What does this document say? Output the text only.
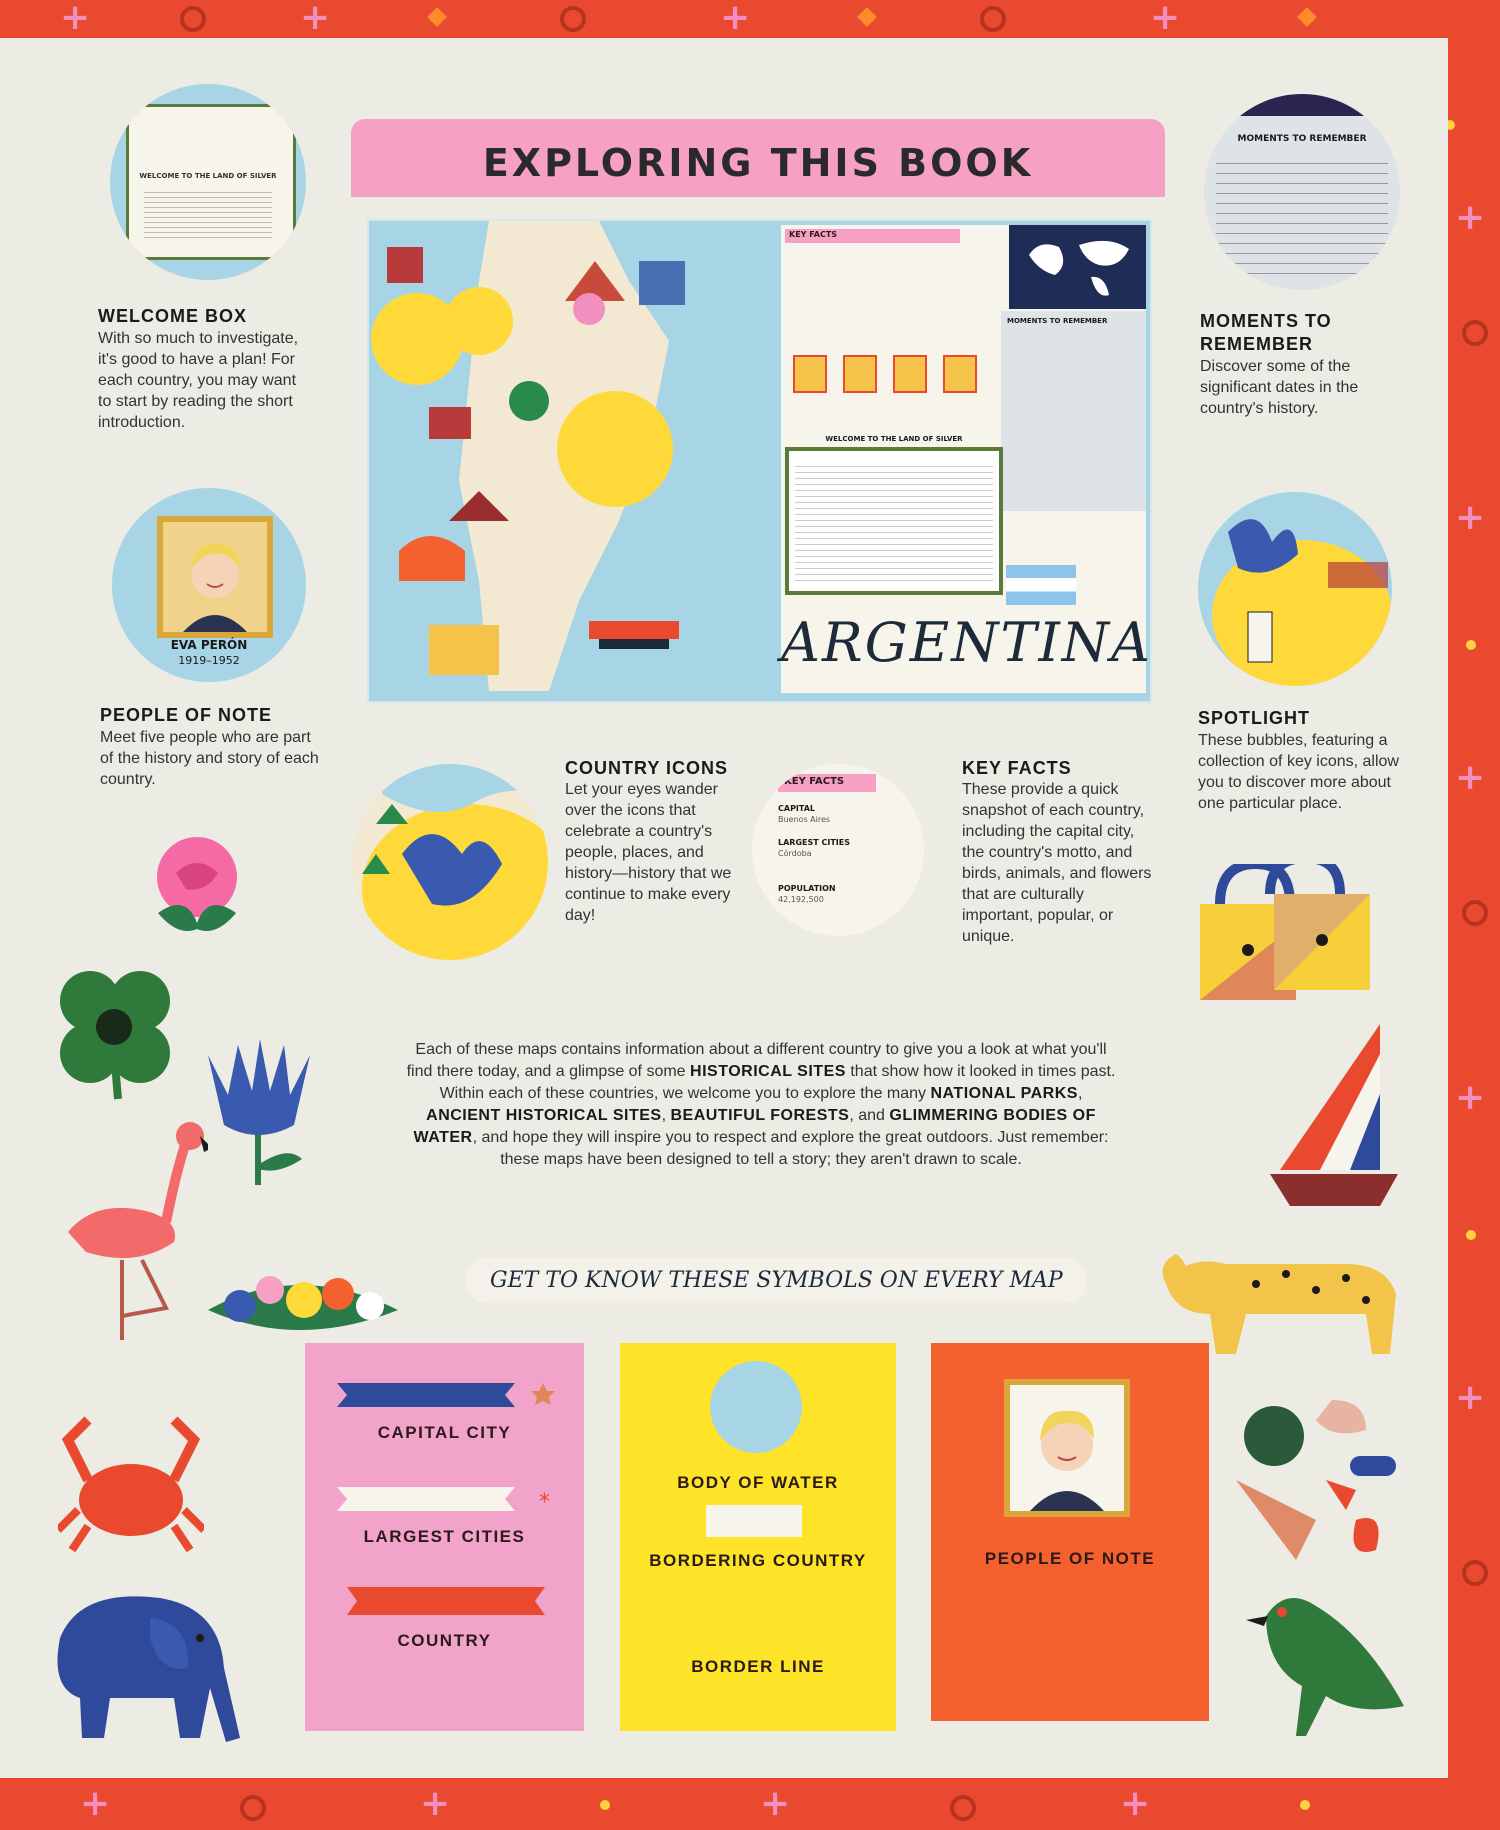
+	+	+	+
+
+
+
+
+
+	+	+	+
WELCOME TO THE LAND OF SILVER
WELCOME BOX
With so much to investigate, it's good to have a plan! For each country, you may want to start by reading the short introduction.
EVA PERÓN
1919–1952
PEOPLE OF NOTE
Meet five people who are part of the history and story of each country.
EXPLORING THIS BOOK
KEY FACTS
MOMENTS TO REMEMBER
WELCOME TO THE LAND OF SILVER
ARGENTINA
MOMENTS TO REMEMBER
MOMENTS TO
REMEMBER
Discover some of the significant dates in the country's history.
SPOTLIGHT
These bubbles, featuring a collection of key icons, allow you to discover more about one particular place.
COUNTRY ICONS
Let your eyes wander over the icons that celebrate a country's people, places, and history—history that we continue to make every day!
KEY FACTS
CAPITAL
Buenos Aires
LARGEST CITIES
Córdoba
POPULATION
42,192,500
KEY FACTS
These provide a quick snapshot of each country, including the capital city, the country's motto, and birds, animals, and flowers that are culturally important, popular, or unique.
Each of these maps contains information about a different country to give you a look at what you'll find there today, and a glimpse of some HISTORICAL SITES that show how it looked in times past. Within each of these countries, we welcome you to explore the many NATIONAL PARKS, ANCIENT HISTORICAL SITES, BEAUTIFUL FORESTS, and GLIMMERING BODIES OF WATER, and hope they will inspire you to respect and explore the great outdoors. Just remember: these maps have been designed to tell a story; they aren't drawn to scale.
GET TO KNOW THESE SYMBOLS ON EVERY MAP
*
CAPITAL CITY
LARGEST CITIES
COUNTRY
BODY OF WATER
BORDERING COUNTRY
BORDER LINE
PEOPLE OF NOTE
